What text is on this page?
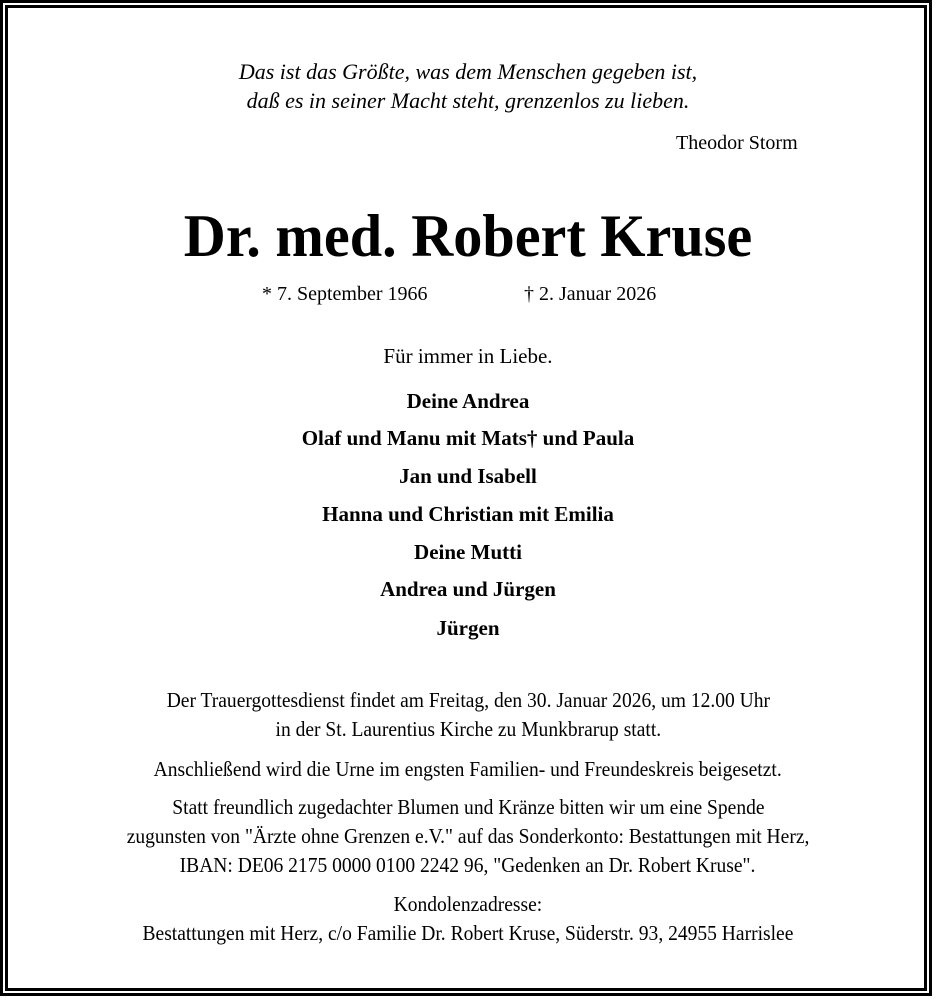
Das ist das Größte, was dem Menschen gegeben ist,
daß es in seiner Macht steht, grenzenlos zu lieben.
Theodor Storm
Dr. med. Robert Kruse
* 7. September 1966	† 2. Januar 2026
Für immer in Liebe.
Deine Andrea
Olaf und Manu mit Mats† und Paula
Jan und Isabell
Hanna und Christian mit Emilia
Deine Mutti
Andrea und Jürgen
Jürgen
Der Trauergottesdienst findet am Freitag, den 30. Januar 2026, um 12.00 Uhr
in der St. Laurentius Kirche zu Munkbrarup statt.
Anschließend wird die Urne im engsten Familien- und Freundeskreis beigesetzt.
Statt freundlich zugedachter Blumen und Kränze bitten wir um eine Spende
zugunsten von "Ärzte ohne Grenzen e.V." auf das Sonderkonto: Bestattungen mit Herz,
IBAN: DE06 2175 0000 0100 2242 96, "Gedenken an Dr. Robert Kruse".
Kondolenzadresse:
Bestattungen mit Herz, c/o Familie Dr. Robert Kruse, Süderstr. 93, 24955 Harrislee
